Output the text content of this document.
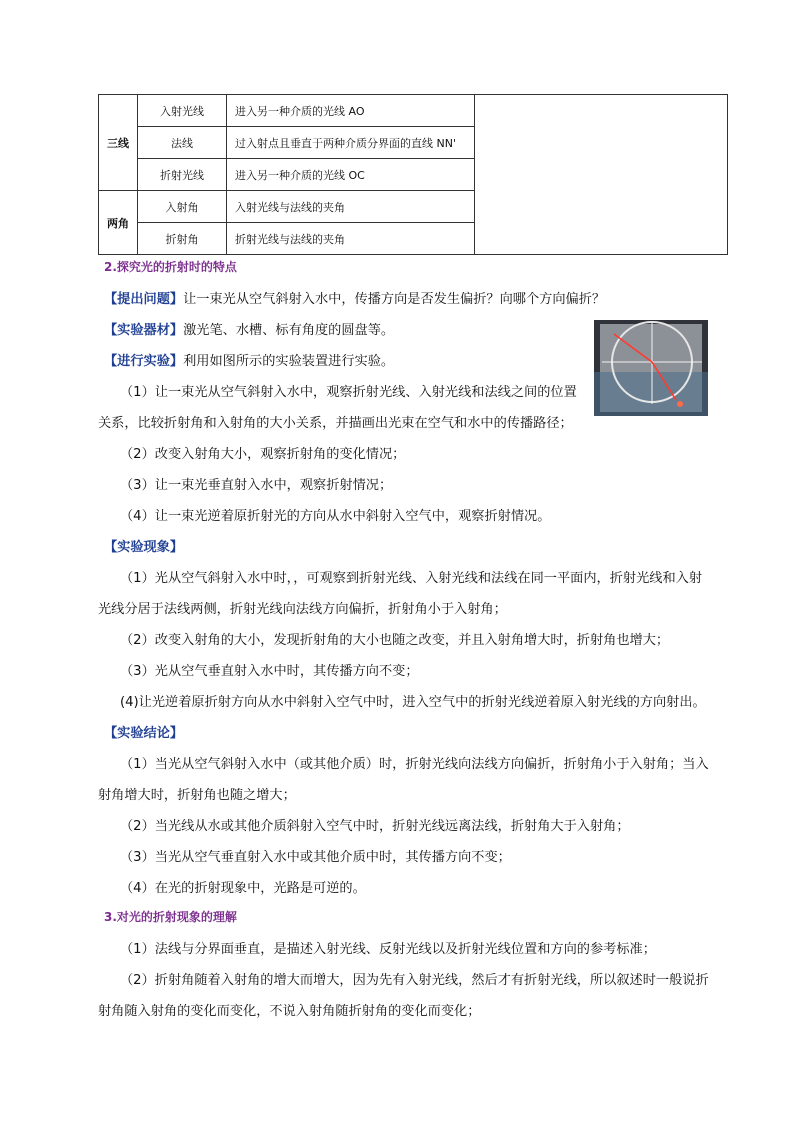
三线	入射光线	进入另一种介质的光线 AO	
	法线	过入射点且垂直于两种介质分界面的直线 NN'	
	折射光线	进入另一种介质的光线 OC	
两角	入射角	入射光线与法线的夹角	
	折射角	折射光线与法线的夹角	
2.探究光的折射时的特点
【提出问题】让一束光从空气斜射入水中，传播方向是否发生偏折？向哪个方向偏折？
【实验器材】激光笔、水槽、标有角度的圆盘等。
【进行实验】利用如图所示的实验装置进行实验。
（1）让一束光从空气斜射入水中，观察折射光线、入射光线和法线之间的位置
关系，比较折射角和入射角的大小关系，并描画出光束在空气和水中的传播路径；
（2）改变入射角大小，观察折射角的变化情况；
（3）让一束光垂直射入水中，观察折射情况；
（4）让一束光逆着原折射光的方向从水中斜射入空气中，观察折射情况。
【实验现象】
（1）光从空气斜射入水中时，，可观察到折射光线、入射光线和法线在同一平面内，折射光线和入射
光线分居于法线两侧，折射光线向法线方向偏折，折射角小于入射角；
（2）改变入射角的大小，发现折射角的大小也随之改变，并且入射角增大时，折射角也增大；
（3）光从空气垂直射入水中时，其传播方向不变；
(4)让光逆着原折射方向从水中斜射入空气中时，进入空气中的折射光线逆着原入射光线的方向射出。
【实验结论】
（1）当光从空气斜射入水中（或其他介质）时，折射光线向法线方向偏折，折射角小于入射角；当入
射角增大时，折射角也随之增大；
（2）当光线从水或其他介质斜射入空气中时，折射光线远离法线，折射角大于入射角；
（3）当光从空气垂直射入水中或其他介质中时，其传播方向不变；
（4）在光的折射现象中，光路是可逆的。
3.对光的折射现象的理解
（1）法线与分界面垂直，是描述入射光线、反射光线以及折射光线位置和方向的参考标准；
（2）折射角随着入射角的增大而增大，因为先有入射光线，然后才有折射光线，所以叙述时一般说折
射角随入射角的变化而变化，不说入射角随折射角的变化而变化；
